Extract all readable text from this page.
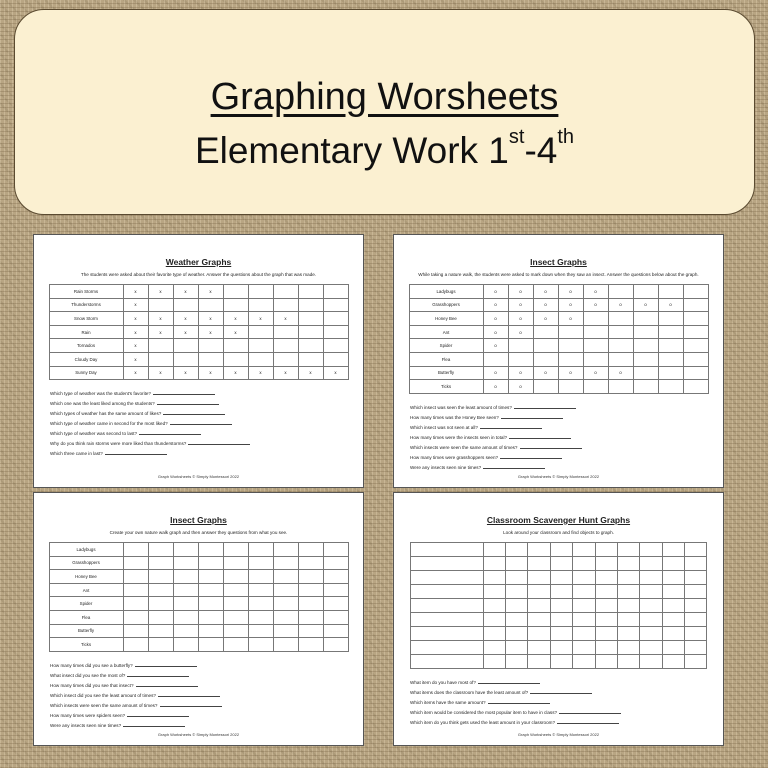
Graphing Worsheets
Elementary Work 1st-4th
Weather Graphs
The students were asked about their favorite type of weather. Answer the questions about the graph that was made.
Rain Storms	x	x	x	x					
Thunderstorms	x								
Snow Storm	x	x	x	x	x	x	x		
Rain	x	x	x	x	x				
Tornados	x								
Cloudy Day	x								
Sunny Day	x	x	x	x	x	x	x	x	x
Which type of weather was the student's favorite?
Which one was the least liked among the students?
Which types of weather has the same amount of likes?
Which type of weather came in second for the most liked?
Which type of weather was second to last?
Why do you think rain storms were more liked than thunderstorms?
Which three came in last?
Graph Worksheets © Simply Montessori 2022
Insect Graphs
While taking a nature walk, the students were asked to mark down when they saw an insect. Answer the questions below about the graph.
Ladybugs	o	o	o	o	o				
Grasshoppers	o	o	o	o	o	o	o	o	
Honey Bee	o	o	o	o					
Ant	o	o							
Spider	o								
Flea									
Butterfly	o	o	o	o	o	o			
Ticks	o	o							
Which insect was seen the least amount of times?
How many times was the Honey Bee seen?
Which insect was not seen at all?
How many times were the insects seen in total?
Which insects were seen the same amount of times?
How many times were grasshoppers seen?
Were any insects seen nine times?
Graph Worksheets © Simply Montessori 2022
Insect Graphs
Create your own nature walk graph and then answer they questions from what you see.
Ladybugs									
Grasshoppers									
Honey Bee									
Ant									
Spider									
Flea									
Butterfly									
Ticks									
How many times did you see a butterfly?
What insect did you see the most of?
How many times did you see that insect?
Which insect did you see the least amount of times?
Which insects were seen the same amount of times?
How many times were spiders seen?
Were any insects seen nine times?
Graph Worksheets © Simply Montessori 2022
Classroom Scavenger Hunt Graphs
Look around your classroom and find objects to graph.

What item do you have most of?
What items does the classroom have the least amount of?
Which items have the same amount?
Which item would be considered the most popular item to have in class?
Which item do you think gets used the least amount in your classroom?
Graph Worksheets © Simply Montessori 2022
